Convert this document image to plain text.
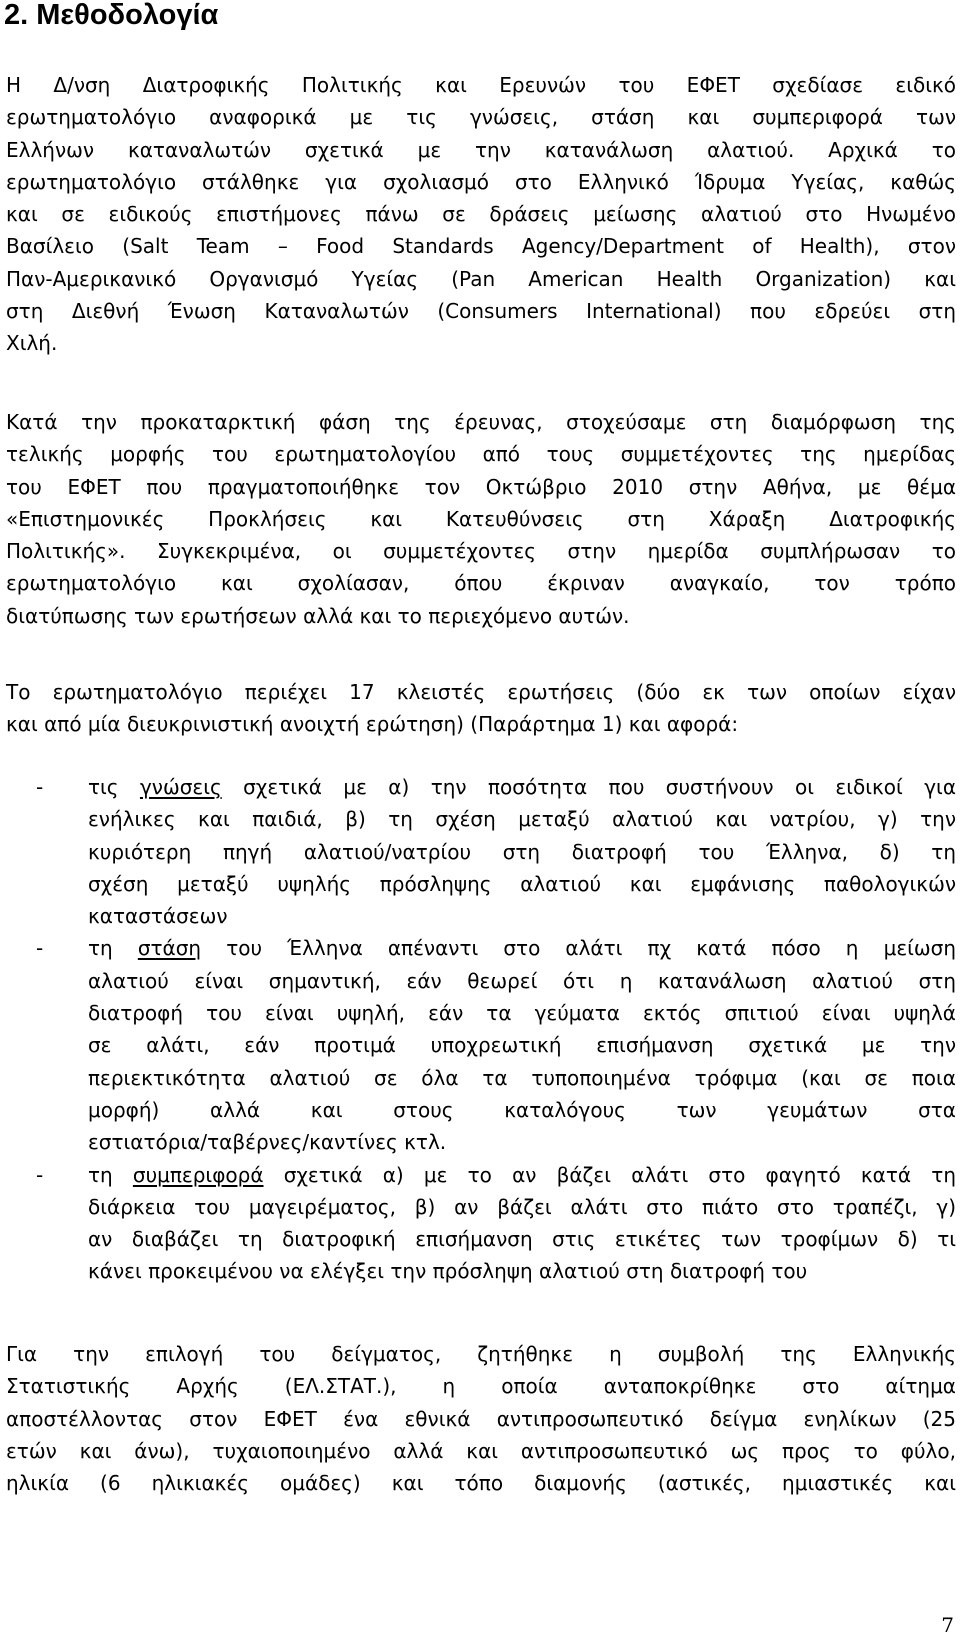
2. Μεθοδολογία
Η Δ/νση Διατροφικής Πολιτικής και Ερευνών του ΕΦΕΤ σχεδίασε ειδικό
ερωτηματολόγιο αναφορικά με τις γνώσεις, στάση και συμπεριφορά των
Ελλήνων καταναλωτών σχετικά με την κατανάλωση αλατιού. Αρχικά το
ερωτηματολόγιο στάλθηκε για σχολιασμό στο Ελληνικό Ίδρυμα Υγείας, καθώς
και σε ειδικούς επιστήμονες πάνω σε δράσεις μείωσης αλατιού στο Ηνωμένο
Βασίλειο (Salt Team – Food Standards Agency/Department of Health), στον
Παν-Αμερικανικό Οργανισμό Υγείας (Pan American Health Organization) και
στη Διεθνή Ένωση Καταναλωτών (Consumers International) που εδρεύει στη
Χιλή.
Κατά την προκαταρκτική φάση της έρευνας, στοχεύσαμε στη διαμόρφωση της
τελικής μορφής του ερωτηματολογίου από τους συμμετέχοντες της ημερίδας
του ΕΦΕΤ που πραγματοποιήθηκε τον Οκτώβριο 2010 στην Αθήνα, με θέμα
«Επιστημονικές Προκλήσεις και Κατευθύνσεις στη Χάραξη Διατροφικής
Πολιτικής». Συγκεκριμένα, οι συμμετέχοντες στην ημερίδα συμπλήρωσαν το
ερωτηματολόγιο και σχολίασαν, όπου έκριναν αναγκαίο, τον τρόπο
διατύπωσης των ερωτήσεων αλλά και το περιεχόμενο αυτών.
Το ερωτηματολόγιο περιέχει 17 κλειστές ερωτήσεις (δύο εκ των οποίων είχαν
και από μία διευκρινιστική ανοιχτή ερώτηση) (Παράρτημα 1) και αφορά:
-	τις γνώσεις σχετικά με α) την ποσότητα που συστήνουν οι ειδικοί για
ενήλικες και παιδιά, β) τη σχέση μεταξύ αλατιού και νατρίου, γ) την
κυριότερη πηγή αλατιού/νατρίου στη διατροφή του Έλληνα, δ) τη
σχέση μεταξύ υψηλής πρόσληψης αλατιού και εμφάνισης παθολογικών
καταστάσεων
-	τη στάση του Έλληνα απέναντι στο αλάτι πχ κατά πόσο η μείωση
αλατιού είναι σημαντική, εάν θεωρεί ότι η κατανάλωση αλατιού στη
διατροφή του είναι υψηλή, εάν τα γεύματα εκτός σπιτιού είναι υψηλά
σε αλάτι, εάν προτιμά υποχρεωτική επισήμανση σχετικά με την
περιεκτικότητα αλατιού σε όλα τα τυποποιημένα τρόφιμα (και σε ποια
μορφή) αλλά και στους καταλόγους των γευμάτων στα
εστιατόρια/ταβέρνες/καντίνες κτλ.
-	τη συμπεριφορά σχετικά α) με το αν βάζει αλάτι στο φαγητό κατά τη
διάρκεια του μαγειρέματος, β) αν βάζει αλάτι στο πιάτο στο τραπέζι, γ)
αν διαβάζει τη διατροφική επισήμανση στις ετικέτες των τροφίμων δ) τι
κάνει προκειμένου να ελέγξει την πρόσληψη αλατιού στη διατροφή του
Για την επιλογή του δείγματος, ζητήθηκε η συμβολή της Ελληνικής
Στατιστικής Αρχής (ΕΛ.ΣΤΑΤ.), η οποία ανταποκρίθηκε στο αίτημα
αποστέλλοντας στον ΕΦΕΤ ένα εθνικά αντιπροσωπευτικό δείγμα ενηλίκων (25
ετών και άνω), τυχαιοποιημένο αλλά και αντιπροσωπευτικό ως προς το φύλο,
ηλικία (6 ηλικιακές ομάδες) και τόπο διαμονής (αστικές, ημιαστικές και
7
